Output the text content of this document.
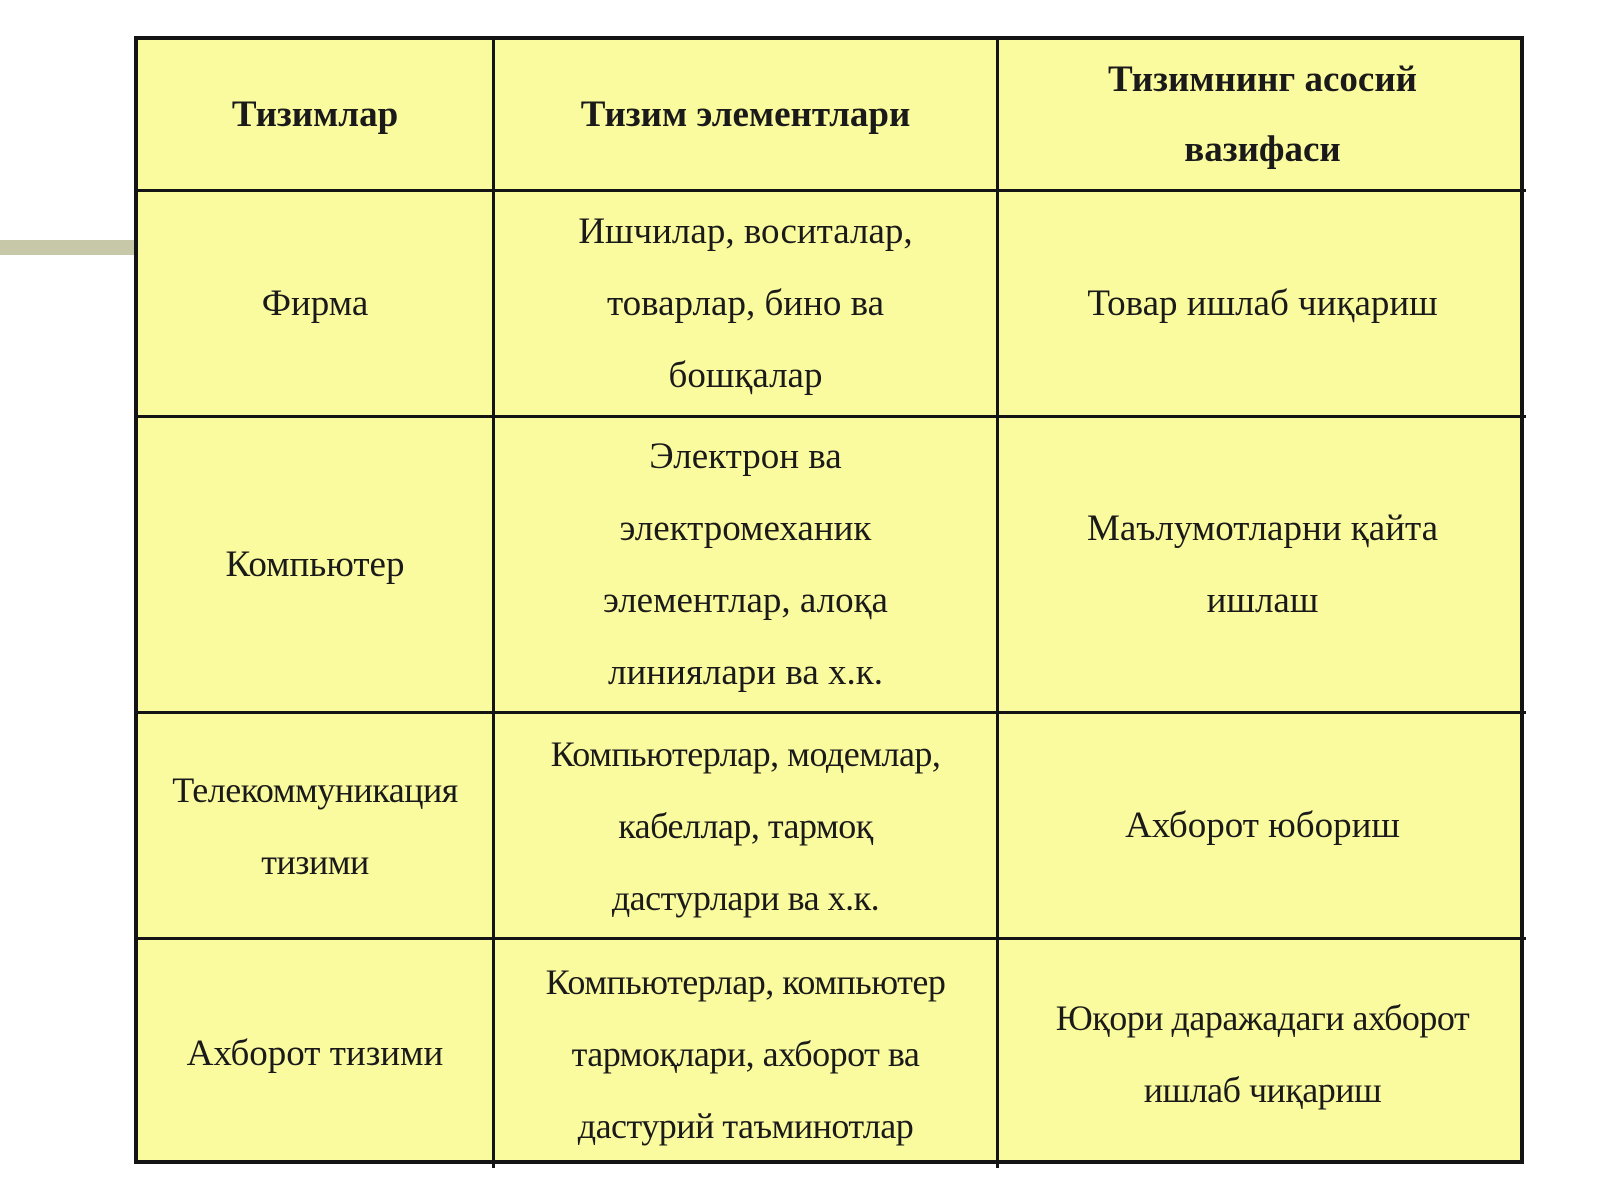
Тизимлар	Тизим элементлари
Тизимнинг асосий
вазифаси
Фирма
Ишчилар, воситалар,
товарлар, бино ва
бошқалар
Товар ишлаб чиқариш
Компьютер
Электрон ва
электромеханик
элементлар, алоқа
линиялари ва х.к.
Маълумотларни қайта
ишлаш
Телекоммуникация
тизими
Компьютерлар, модемлар,
кабеллар, тармоқ
дастурлари ва х.к.
Ахборот юбориш
Ахборот тизими
Компьютерлар, компьютер
тармоқлари, ахборот ва
дастурий таъминотлар
Юқори даражадаги ахборот
ишлаб чиқариш
